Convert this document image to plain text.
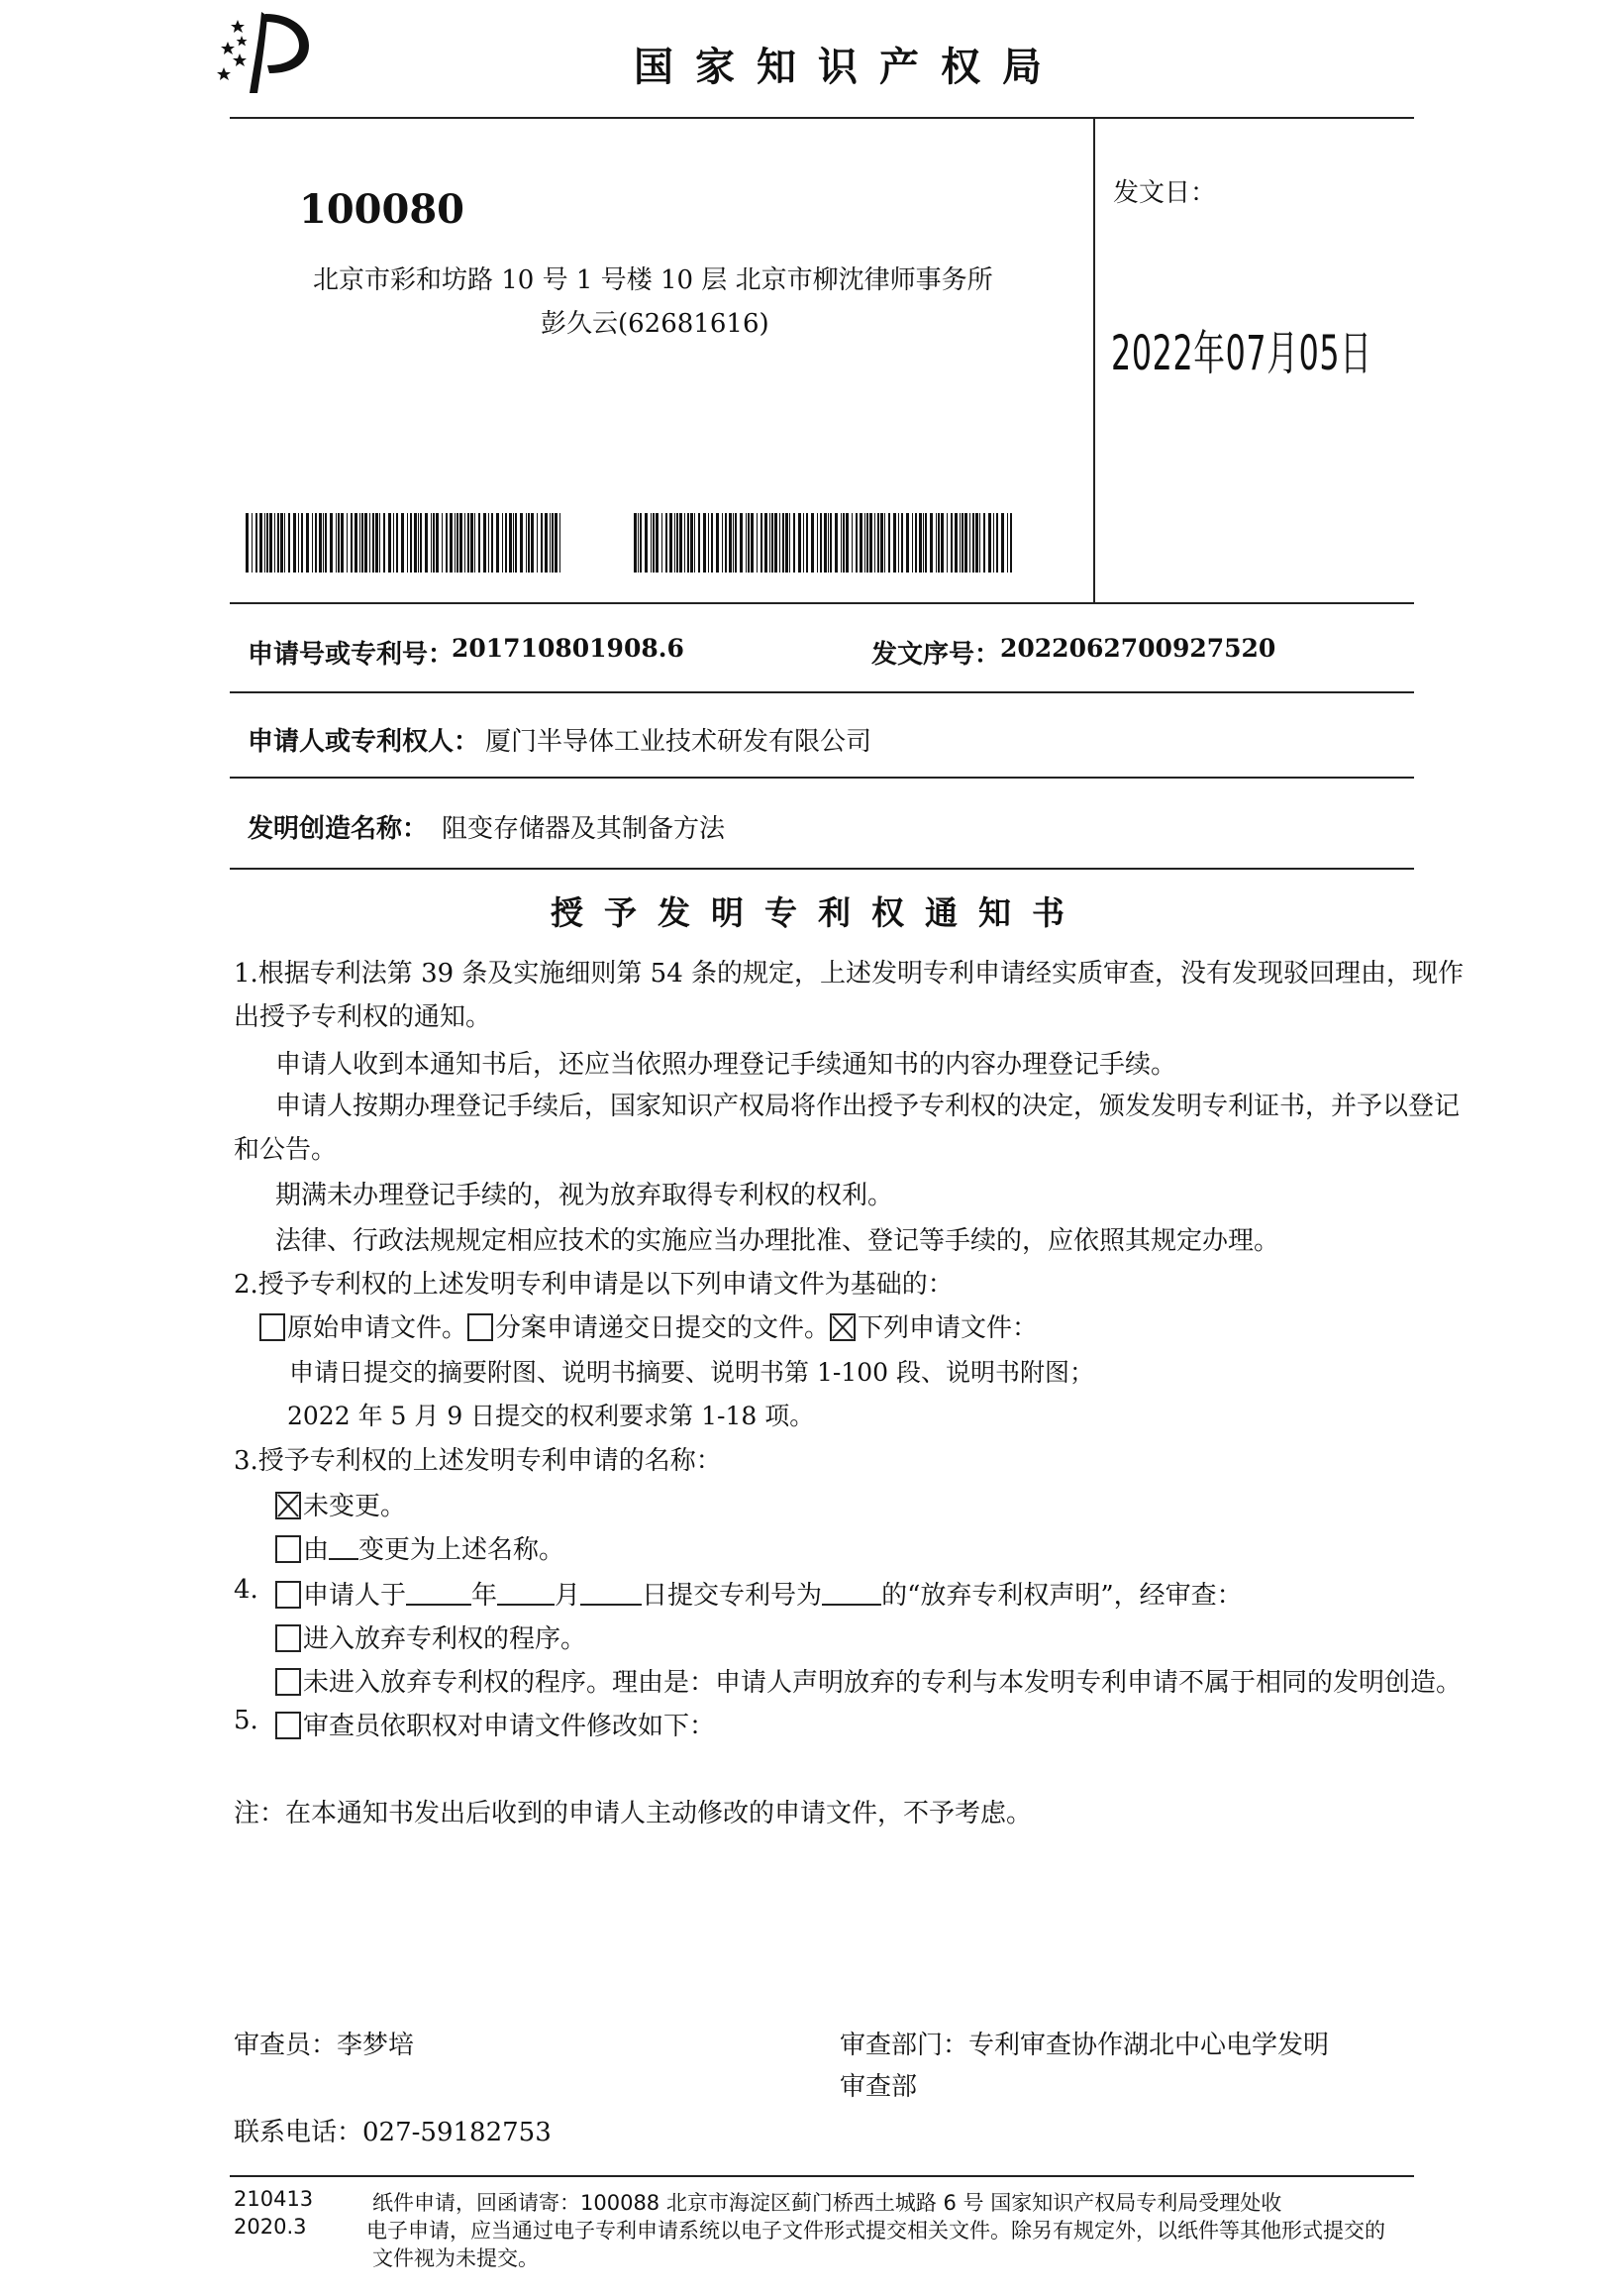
国家知识产权局
100080
北京市彩和坊路 10 号 1 号楼 10 层 北京市柳沈律师事务所
彭久云(62681616)
发文日：
2022年07月05日
申请号或专利号：
201710801908.6	发文序号： 2022062700927520
申请人或专利权人： 厦门半导体工业技术研发有限公司
发明创造名称： 阻变存储器及其制备方法
授予发明专利权通知书
1.根据专利法第 39 条及实施细则第 54 条的规定，上述发明专利申请经实质审查，没有发现驳回理由，现作
出授予专利权的通知。
申请人收到本通知书后，还应当依照办理登记手续通知书的内容办理登记手续。
申请人按期办理登记手续后，国家知识产权局将作出授予专利权的决定，颁发发明专利证书，并予以登记
和公告。
期满未办理登记手续的，视为放弃取得专利权的权利。
法律、行政法规规定相应技术的实施应当办理批准、登记等手续的，应依照其规定办理。
2.授予专利权的上述发明专利申请是以下列申请文件为基础的：
原始申请文件。 分案申请递交日提交的文件。 下列申请文件：
申请日提交的摘要附图、说明书摘要、说明书第 1-100 段、说明书附图；
2022 年 5 月 9 日提交的权利要求第 1-18 项。
3.授予专利权的上述发明专利申请的名称：
未变更。
由 变更为上述名称。
4.	申请人于	年 月 日提交专利号为 的“放弃专利权声明”，经审查：
进入放弃专利权的程序。
未进入放弃专利权的程序。理由是：申请人声明放弃的专利与本发明专利申请不属于相同的发明创造。
5.	审查员依职权对申请文件修改如下：
注：在本通知书发出后收到的申请人主动修改的申请文件，不予考虑。
审查员：李梦培	审查部门：专利审查协作湖北中心电学发明
审查部
联系电话：027-59182753
210413
2020.3
纸件申请，回函请寄：100088 北京市海淀区蓟门桥西土城路 6 号 国家知识产权局专利局受理处收
电子申请，应当通过电子专利申请系统以电子文件形式提交相关文件。除另有规定外，以纸件等其他形式提交的
文件视为未提交。
